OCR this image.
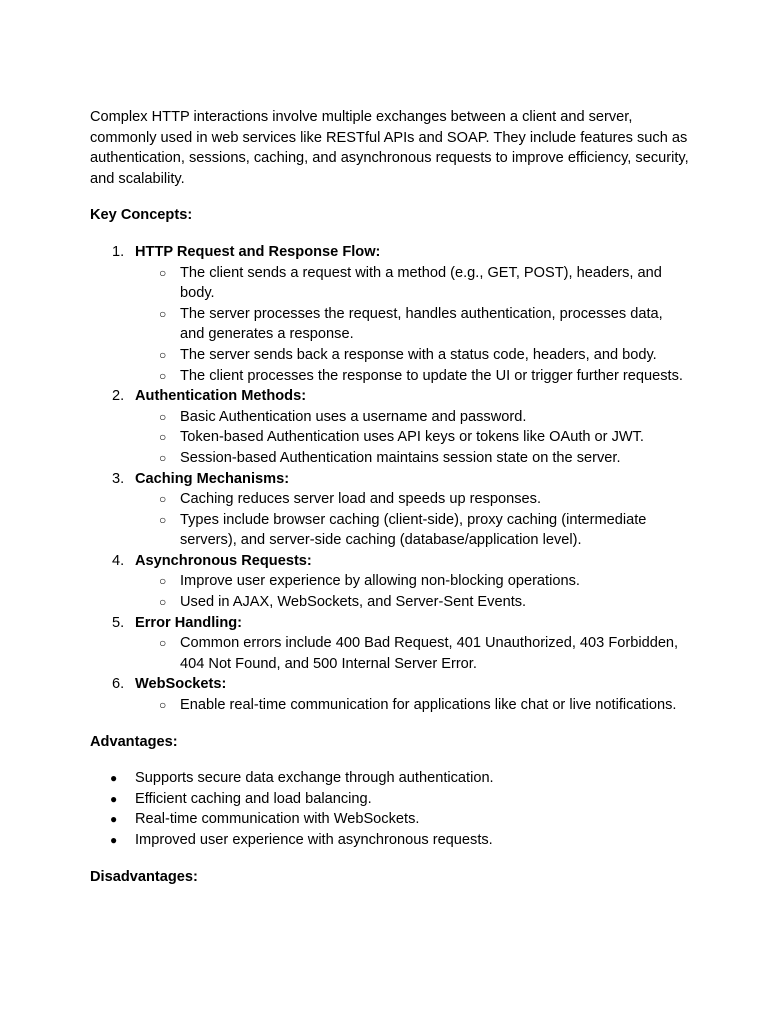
Complex HTTP interactions involve multiple exchanges between a client and server, commonly used in web services like RESTful APIs and SOAP. They include features such as authentication, sessions, caching, and asynchronous requests to improve efficiency, security, and scalability.

Key Concepts:

1. HTTP Request and Response Flow:
○ The client sends a request with a method (e.g., GET, POST), headers, and body.
○ The server processes the request, handles authentication, processes data, and generates a response.
○ The server sends back a response with a status code, headers, and body.
○ The client processes the response to update the UI or trigger further requests.
2. Authentication Methods:
○ Basic Authentication uses a username and password.
○ Token-based Authentication uses API keys or tokens like OAuth or JWT.
○ Session-based Authentication maintains session state on the server.
3. Caching Mechanisms:
○ Caching reduces server load and speeds up responses.
○ Types include browser caching (client-side), proxy caching (intermediate servers), and server-side caching (database/application level).
4. Asynchronous Requests:
○ Improve user experience by allowing non-blocking operations.
○ Used in AJAX, WebSockets, and Server-Sent Events.
5. Error Handling:
○ Common errors include 400 Bad Request, 401 Unauthorized, 403 Forbidden, 404 Not Found, and 500 Internal Server Error.
6. WebSockets:
○ Enable real-time communication for applications like chat or live notifications.

Advantages:

● Supports secure data exchange through authentication.
● Efficient caching and load balancing.
● Real-time communication with WebSockets.
● Improved user experience with asynchronous requests.

Disadvantages:
